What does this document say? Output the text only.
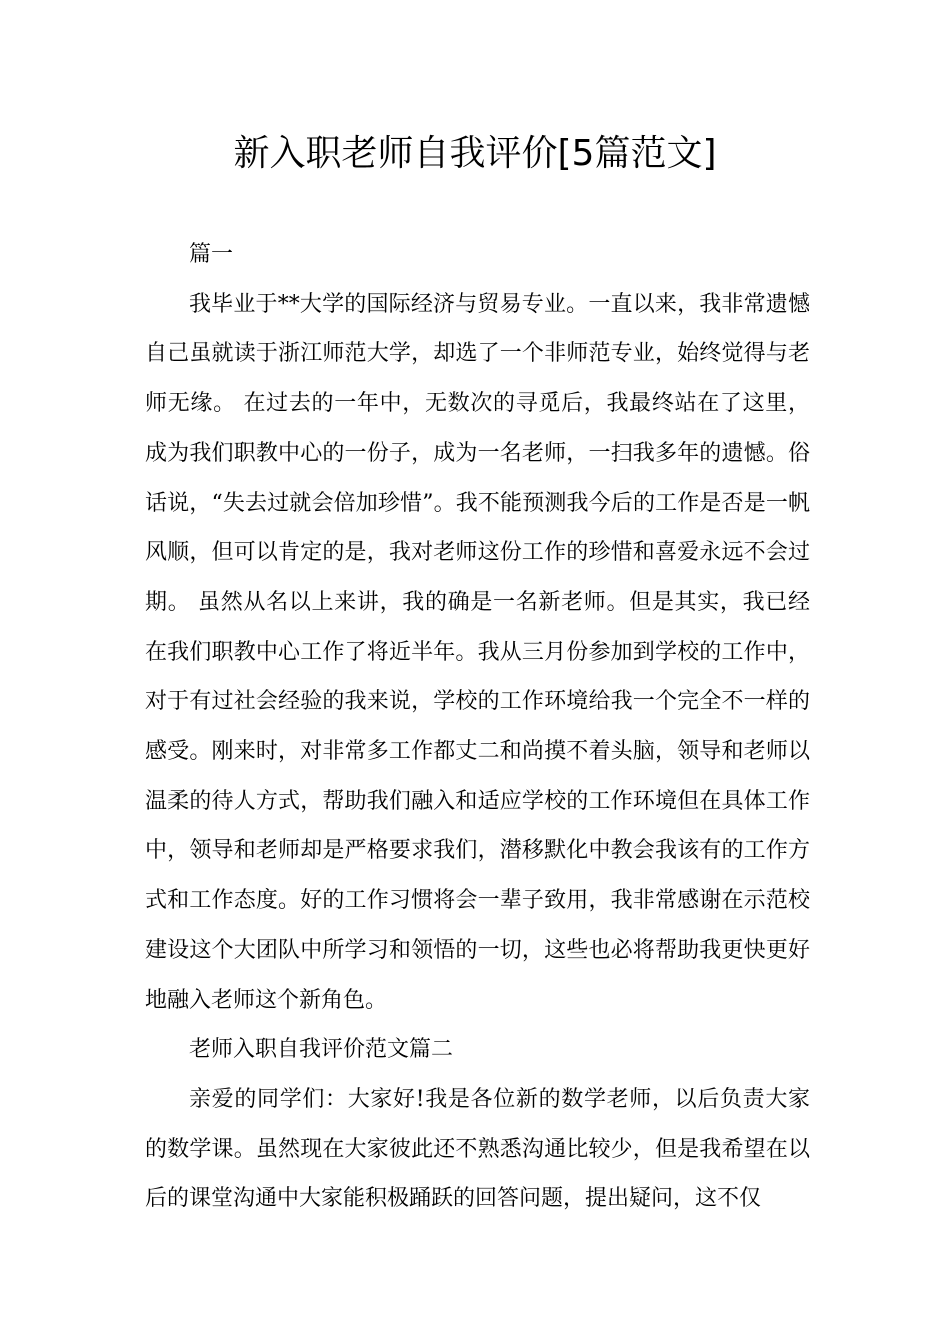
新入职老师自我评价[5篇范文]

篇一

我毕业于**大学的国际经济与贸易专业。一直以来，我非常遗憾自己虽就读于浙江师范大学，却选了一个非师范专业，始终觉得与老师无缘。 在过去的一年中，无数次的寻觅后，我最终站在了这里，成为我们职教中心的一份子，成为一名老师，一扫我多年的遗憾。俗话说，“失去过就会倍加珍惜”。我不能预测我今后的工作是否是一帆风顺，但可以肯定的是，我对老师这份工作的珍惜和喜爱永远不会过期。 虽然从名以上来讲，我的确是一名新老师。但是其实，我已经在我们职教中心工作了将近半年。我从三月份参加到学校的工作中，对于有过社会经验的我来说，学校的工作环境给我一个完全不一样的感受。刚来时，对非常多工作都丈二和尚摸不着头脑，领导和老师以温柔的待人方式，帮助我们融入和适应学校的工作环境但在具体工作中，领导和老师却是严格要求我们，潜移默化中教会我该有的工作方式和工作态度。好的工作习惯将会一辈子致用，我非常感谢在示范校建设这个大团队中所学习和领悟的一切，这些也必将帮助我更快更好地融入老师这个新角色。

老师入职自我评价范文篇二

亲爱的同学们：大家好!我是各位新的数学老师，以后负责大家的数学课。虽然现在大家彼此还不熟悉沟通比较少，但是我希望在以后的课堂沟通中大家能积极踊跃的回答问题，提出疑问，这不仅
